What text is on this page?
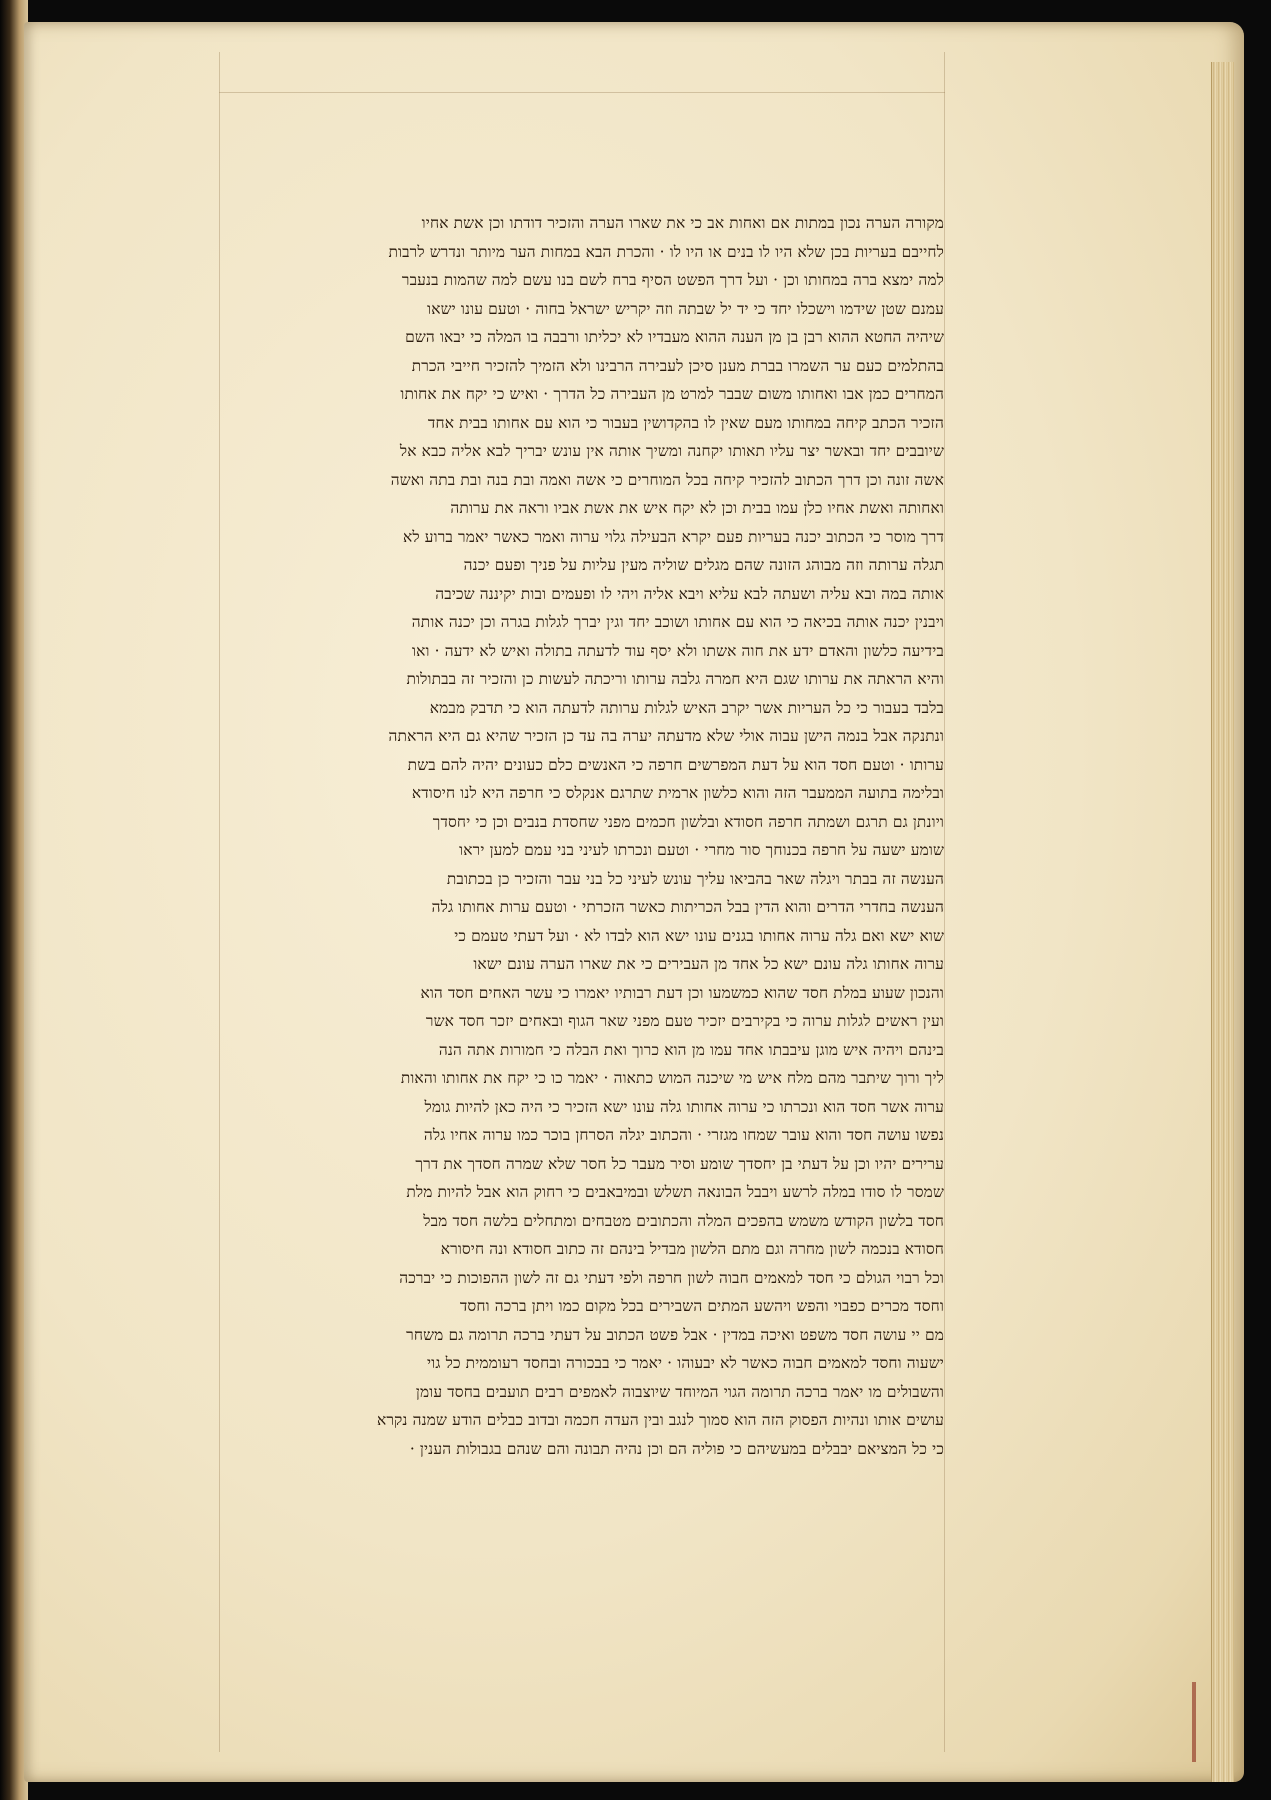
מקורה הערה נכון במתות אם ואחות אב כי את שארו הערה והזכיר דודתו וכן אשת אחיו
לחייבם בעריות בכן שלא היו לו בנים או היו לו · והכרת הבא במחות הער מיותר ונדרש לרבות
למה ימצא ברה במחותו וכן · ועל דרך הפשט הסיף ברח לשם בנו עשם למה שהמות בנעבר
עמנם שטן שידמו וישכלו יחד כי יד יל שבתה וזה יקריש ישראל בחוה · וטעם עונו ישאו
שיהיה החטא ההוא רבן בן מן הענה ההוא מעבדיו לא יכליתו ורבבה בו המלה כי יבאו השם
בהתלמים כעם ער השמרו בברת מענן סיכן לעבירה הרבינו ולא הזמיך להזכיר חייבי הכרת
המחרים כמן אבו ואחותו משום שבבר למרט מן העבירה כל הדרך · ואיש כי יקח את אחותו
הזכיר הכתב קיחה במחותו מעם שאין לו בהקדושין בעבור כי הוא עם אחותו בבית אחד
שיובבים יחד ובאשר יצר עליו תאותו יקחנה ומשיך אותה אין עונש יבריך לבא אליה כבא אל
אשה זונה וכן דרך הכתוב להזכיר קיחה בכל המוחרים כי אשה ואמה ובת בנה ובת בתה ואשה
ואחותה ואשת אחיו כלן עמו בבית וכן לא יקח איש את אשת אביו וראה את ערותה
דרך מוסר כי הכתוב יכנה בעריות פעם יקרא הבעילה גלוי ערוה ואמר כאשר יאמר ברוע לא
תגלה ערותה וזה מבוהג הזונה שהם מגלים שוליה מעין עליות על פניך ופעם יכנה
אותה במה ובא עליה ושעתה לבא עליא ויבא אליה ויהי לו ופעמים ובות יקיננה שכיבה
ויבנין יכנה אותה בכיאה כי הוא עם אחותו ושוכב יחד וגין יברך לגלות בגרה וכן יכנה אותה
בידיעה כלשון והאדם ידע את חוה אשתו ולא יסף עוד לדעתה בתולה ואיש לא ידעה · ואו
והיא הראתה את ערותו שגם היא חמרה גלבה ערותו וריכתה לעשות כן והזכיר זה בבתולות
בלבד בעבור כי כל העריות אשר יקרב האיש לגלות ערותה לדעתה הוא כי תדבק מבמא
ונתנקה אבל בנמה הישן עבוה אולי שלא מדעתה יערה בה עד כן הזכיר שהיא גם היא הראתה
ערותו · וטעם חסד הוא על דעת המפרשים חרפה כי האנשים כלם כעונים יהיה להם בשת
ובלימה בתועה הממעבר הזה והוא כלשון ארמית שתרגם אנקלס כי חרפה היא לנו חיסודא
ויונתן גם תרגם ושמתה חרפה חסודא ובלשון חכמים מפני שחסדת בנבים וכן כי יחסדך
שומע ישעה על חרפה בכנוחך סור מחרי · וטעם ונכרתו לעיני בני עמם למען יראו
הענשה זה בבתר ויגלה שאר בהביאו עליך עונש לעיני כל בני עבר והזכיר כן בכתובת
הענשה בחדרי הדרים והוא הדין בבל הכריתות כאשר הזכרתי · וטעם ערות אחותו גלה
שוא ישא ואם גלה ערוה אחותו בגנים עונו ישא הוא לבדו לא · ועל דעתי טעמם כי
ערוה אחותו גלה עונם ישא כל אחד מן העבירים כי את שארו הערה עונם ישאו
והנכון שעוע במלת חסד שהוא כמשמעו וכן דעת רבותיו יאמרו כי עשר האחים חסד הוא
ועין ראשים לגלות ערוה כי בקירבים יזכיר טעם מפני שאר הגוף ובאחים יזכר חסד אשר
בינהם ויהיה איש מוגן עיבבתו אחד עמו מן הוא כרוך ואת הבלה כי חמורות אתה הנה
ליך ורוך שיתבר מהם מלח איש מי שיכנה המוש כתאוה · יאמר כו כי יקח את אחותו והאות
ערוה אשר חסד הוא ונכרתו כי ערוה אחותו גלה עונו ישא הזכיר כי היה כאן להיות גומל
נפשו עושה חסד והוא עובר שמחו מגזרי · והכתוב יגלה הסרחן בוכר כמו ערוה אחיו גלה
ערירים יהיו וכן על דעתי בן יחסדך שומע וסיר מעבר כל חסר שלא שמרה חסדך את דרך
שמסר לו סודו במלה לרשע ויבבל הבונאה תשלש ובמיבאבים כי רחוק הוא אבל להיות מלת
חסד בלשון הקודש משמש בהפכים המלה והכתובים מטבחים ומתחלים בלשה חסד מבל
חסודא בנכמה לשון מחרה וגם מתם הלשון מבדיל בינהם זה כתוב חסודא ונה חיסורא
וכל רבוי הגולם כי חסד למאמים חבוה לשון חרפה ולפי דעתי גם זה לשון ההפוכות כי יברכה
וחסד מכרים כפבוי והפש ויהשע המתים השבירים בכל מקום כמו ויתן ברכה וחסד
מם יי עושה חסד משפט ואיכה במדין · אבל פשט הכתוב על דעתי ברכה תרומה גם משחר
ישעוה וחסד למאמים חבוה כאשר לא יבעוהו · יאמר כי בבכורה ובחסד רעוממית כל גוי
והשבולים מו יאמר ברכה תרומה הגוי המיוחד שיוצבוה לאמפים רבים תועבים בחסד עומן
עושים אותו ונהיות הפסוק הזה הוא סמוך לנגב ובין העדה חכמה ובדוב כבלים הודע שמנה נקרא
כי כל המציאם יבבלים במעשיהם כי פוליה הם וכן נהיה תבונה והם שנהם בגבולות הענין ·
